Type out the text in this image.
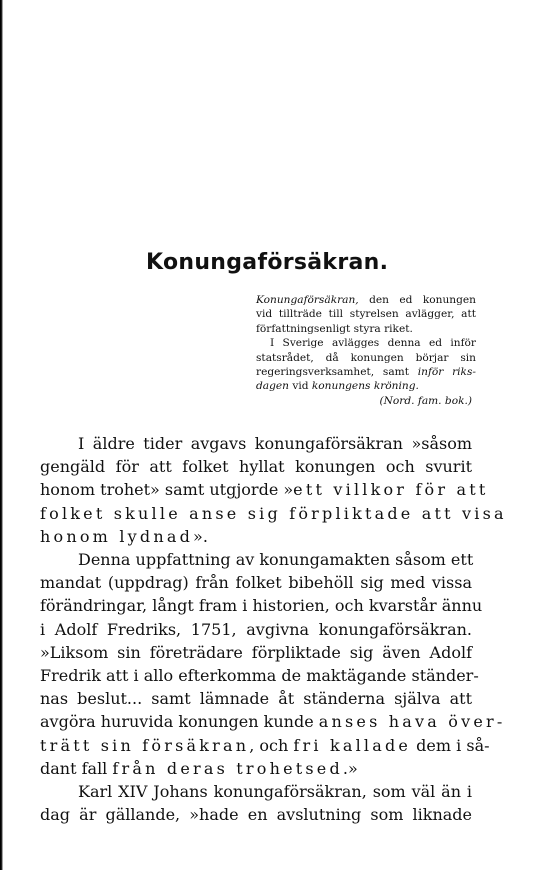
Konungaförsäkran.
Konungaförsäkran, den ed konungen
vid tillträde till styrelsen avlägger, att
författningsenligt styra riket.
I Sverige avlägges denna ed inför
statsrådet, då konungen börjar sin
regeringsverksamhet, samt inför riks-
dagen vid konungens kröning.
(Nord. fam. bok.)
I äldre tider avgavs konungaförsäkran »såsom
gengäld för att folket hyllat konungen och svurit
honom trohet» samt utgjorde »ett villkor för att
folket skulle anse sig förpliktade att visa
honom lydnad».
Denna uppfattning av konungamakten såsom ett
mandat (uppdrag) från folket bibehöll sig med vissa
förändringar, långt fram i historien, och kvarstår ännu
i Adolf Fredriks, 1751, avgivna konungaförsäkran.
»Liksom sin företrädare förpliktade sig även Adolf
Fredrik att i allo efterkomma de maktägande ständer-
nas beslut... samt lämnade åt ständerna själva att
avgöra huruvida konungen kunde anses hava över-
trätt sin försäkran, och fri kallade dem i så-
dant fall från deras trohetsed.»
Karl XIV Johans konungaförsäkran, som väl än i
dag är gällande, »hade en avslutning som liknade
